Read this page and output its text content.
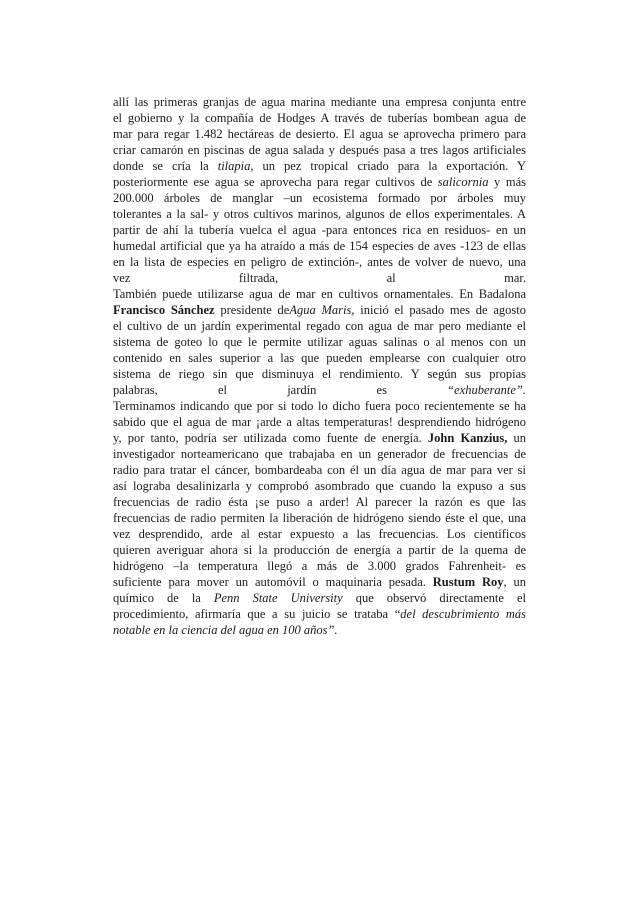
allí las primeras granjas de agua marina mediante una empresa conjunta entre
el gobierno y la compañía de Hodges A través de tuberías bombean agua de
mar para regar 1.482 hectáreas de desierto. El agua se aprovecha primero para
criar camarón en piscinas de agua salada y después pasa a tres lagos artificiales
donde se cría la tilapia, un pez tropical criado para la exportación. Y
posteriormente ese agua se aprovecha para regar cultivos de salicornia y más
200.000 árboles de manglar –un ecosistema formado por árboles muy
tolerantes a la sal- y otros cultivos marinos, algunos de ellos experimentales. A
partir de ahí la tubería vuelca el agua -para entonces rica en residuos- en un
humedal artificial que ya ha atraído a más de 154 especies de aves -123 de ellas
en la lista de especies en peligro de extinción-, antes de volver de nuevo, una
vez	filtrada,	al	mar.
También puede utilizarse agua de mar en cultivos ornamentales. En Badalona
Francisco Sánchez presidente deAgua Maris, inició el pasado mes de agosto
el cultivo de un jardín experimental regado con agua de mar pero mediante el
sistema de goteo lo que le permite utilizar aguas salinas o al menos con un
contenido en sales superior a las que pueden emplearse con cualquier otro
sistema de riego sin que disminuya el rendimiento. Y según sus propias
palabras,	el	jardín	es	“exhuberante”.
Terminamos indicando que por si todo lo dicho fuera poco recientemente se ha
sabido que el agua de mar ¡arde a altas temperaturas! desprendiendo hidrógeno
y, por tanto, podría ser utilizada como fuente de energía. John Kanzius, un
investigador norteamericano que trabajaba en un generador de frecuencias de
radio para tratar el cáncer, bombardeaba con él un día agua de mar para ver si
así lograba desalinizarla y comprobó asombrado que cuando la expuso a sus
frecuencias de radio ésta ¡se puso a arder! Al parecer la razón es que las
frecuencias de radio permiten la liberación de hidrógeno siendo éste el que, una
vez desprendido, arde al estar expuesto a las frecuencias. Los científicos
quieren averiguar ahora si la producción de energía a partir de la quema de
hidrógeno –la temperatura llegó a más de 3.000 grados Fahrenheit- es
suficiente para mover un automóvil o maquinaria pesada. Rustum Roy, un
químico de la Penn State University que observó directamente el
procedimiento, afirmaría que a su juicio se trataba “del descubrimiento más
notable en la ciencia del agua en 100 años”.
